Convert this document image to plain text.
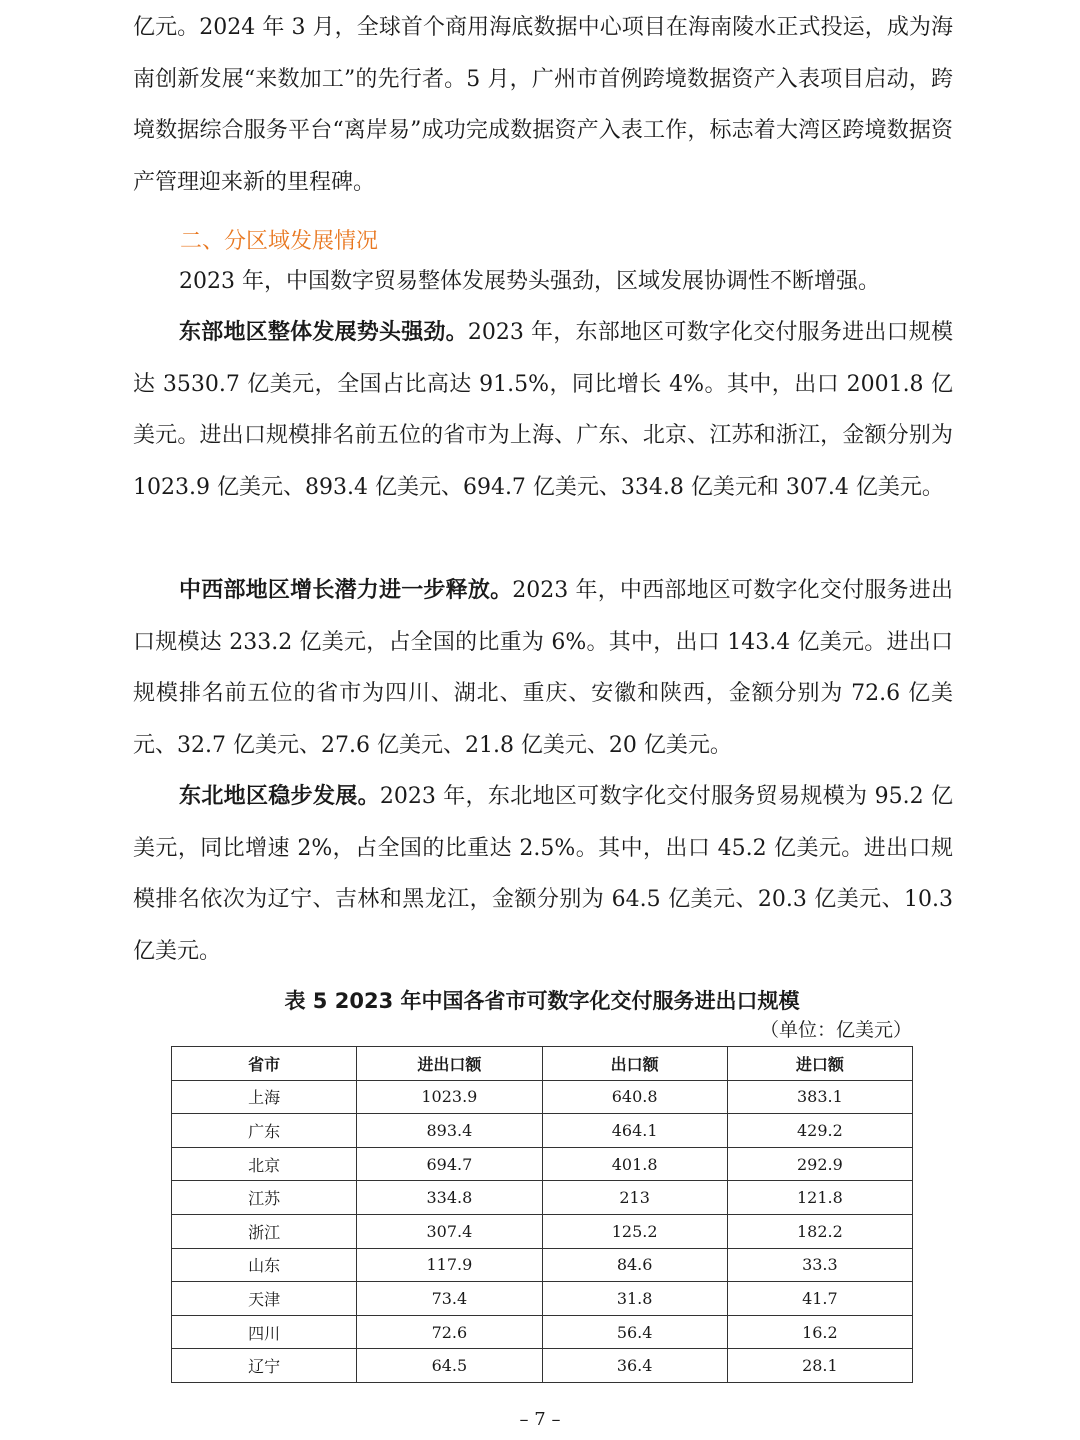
亿元。2024 年 3 月，全球首个商用海底数据中心项目在海南陵水正式投运，成为海南创新发展“来数加工”的先行者。5 月，广州市首例跨境数据资产入表项目启动，跨境数据综合服务平台“离岸易”成功完成数据资产入表工作，标志着大湾区跨境数据资产管理迎来新的里程碑。

二、分区域发展情况

2023 年，中国数字贸易整体发展势头强劲，区域发展协调性不断增强。

东部地区整体发展势头强劲。2023 年，东部地区可数字化交付服务进出口规模达 3530.7 亿美元，全国占比高达 91.5%，同比增长 4%。其中，出口 2001.8 亿美元。进出口规模排名前五位的省市为上海、广东、北京、江苏和浙江，金额分别为 1023.9 亿美元、893.4 亿美元、694.7 亿美元、334.8 亿美元和 307.4 亿美元。

中西部地区增长潜力进一步释放。2023 年，中西部地区可数字化交付服务进出口规模达 233.2 亿美元，占全国的比重为 6%。其中，出口 143.4 亿美元。进出口规模排名前五位的省市为四川、湖北、重庆、安徽和陕西，金额分别为 72.6 亿美元、32.7 亿美元、27.6 亿美元、21.8 亿美元、20 亿美元。

东北地区稳步发展。2023 年，东北地区可数字化交付服务贸易规模为 95.2 亿美元，同比增速 2%，占全国的比重达 2.5%。其中，出口 45.2 亿美元。进出口规模排名依次为辽宁、吉林和黑龙江，金额分别为 64.5 亿美元、20.3 亿美元、10.3 亿美元。

表 5 2023 年中国各省市可数字化交付服务进出口规模
（单位：亿美元）
省市	进出口额	出口额	进口额
上海	1023.9	640.8	383.1
广东	893.4	464.1	429.2
北京	694.7	401.8	292.9
江苏	334.8	213	121.8
浙江	307.4	125.2	182.2
山东	117.9	84.6	33.3
天津	73.4	31.8	41.7
四川	72.6	56.4	16.2
辽宁	64.5	36.4	28.1
– 7 –
